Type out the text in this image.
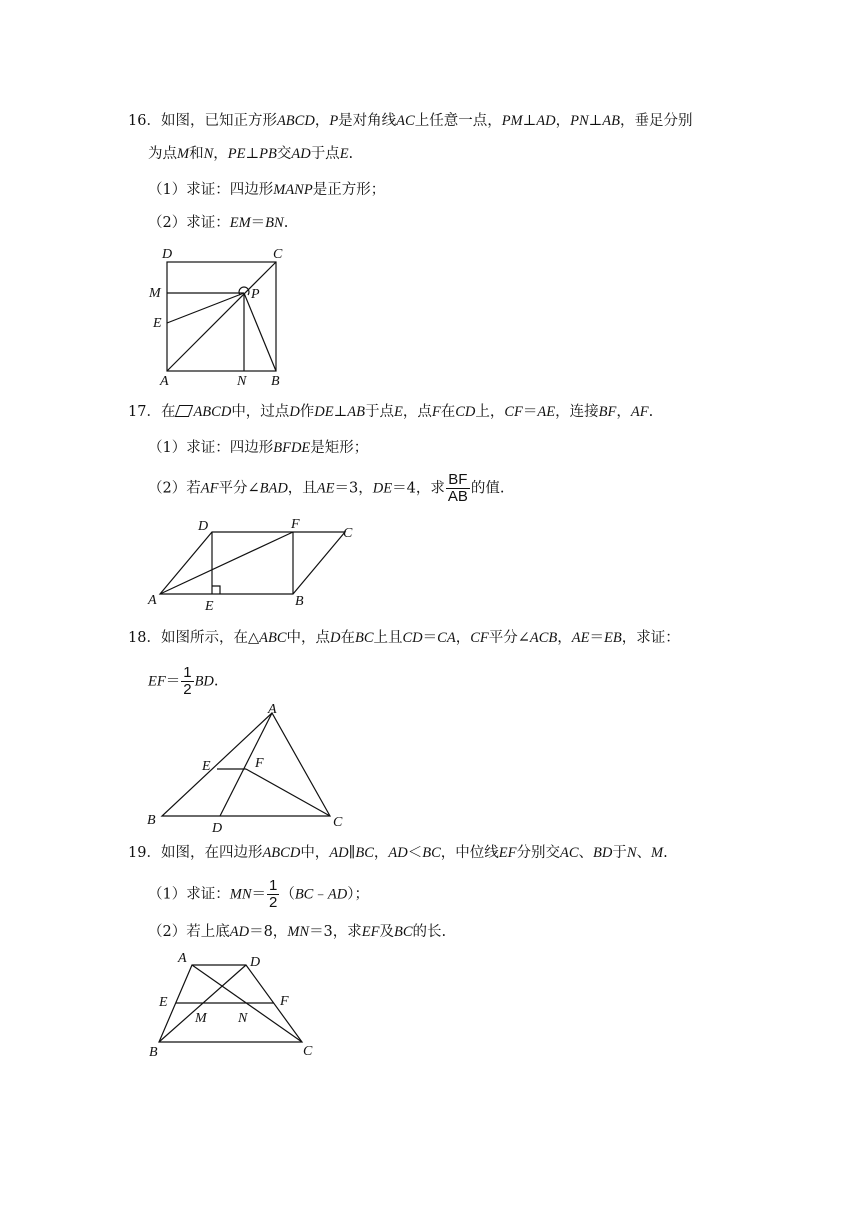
16．如图，已知正方形ABCD，P是对角线AC上任意一点，PM⊥AD，PN⊥AB，垂足分别
为点M和N，PE⊥PB交AD于点E.
（1）求证：四边形MANP是正方形；
（2）求证：EM＝BN.
D	C
M	P
E
A	N B
17．在 ABCD中，过点D作DE⊥AB于点E，点F在CD上，CF＝AE，连接BF，AF.
（1）求证：四边形BFDE是矩形；
（2）若AF平分∠BAD，且AE＝3，DE＝4，求 $\frac{BF}{AB}$ 的值.
D	F
C
A	E	B
18．如图所示，在△ABC中，点D在BC上且CD＝CA，CF平分∠ACB，AE＝EB，求证：
$EF= \frac{1}{2}$ BD.
A
E	F
B
D	C
19．如图，在四边形ABCD中，AD∥BC，AD＜BC，中位线EF分别交AC、BD于N、M.
（1）求证：$MN= \frac{1}{2}$ （BC﹣AD）；
（2）若上底AD＝8，MN＝3，求EF及BC的长.
A	D
E	F
M N
B	C
